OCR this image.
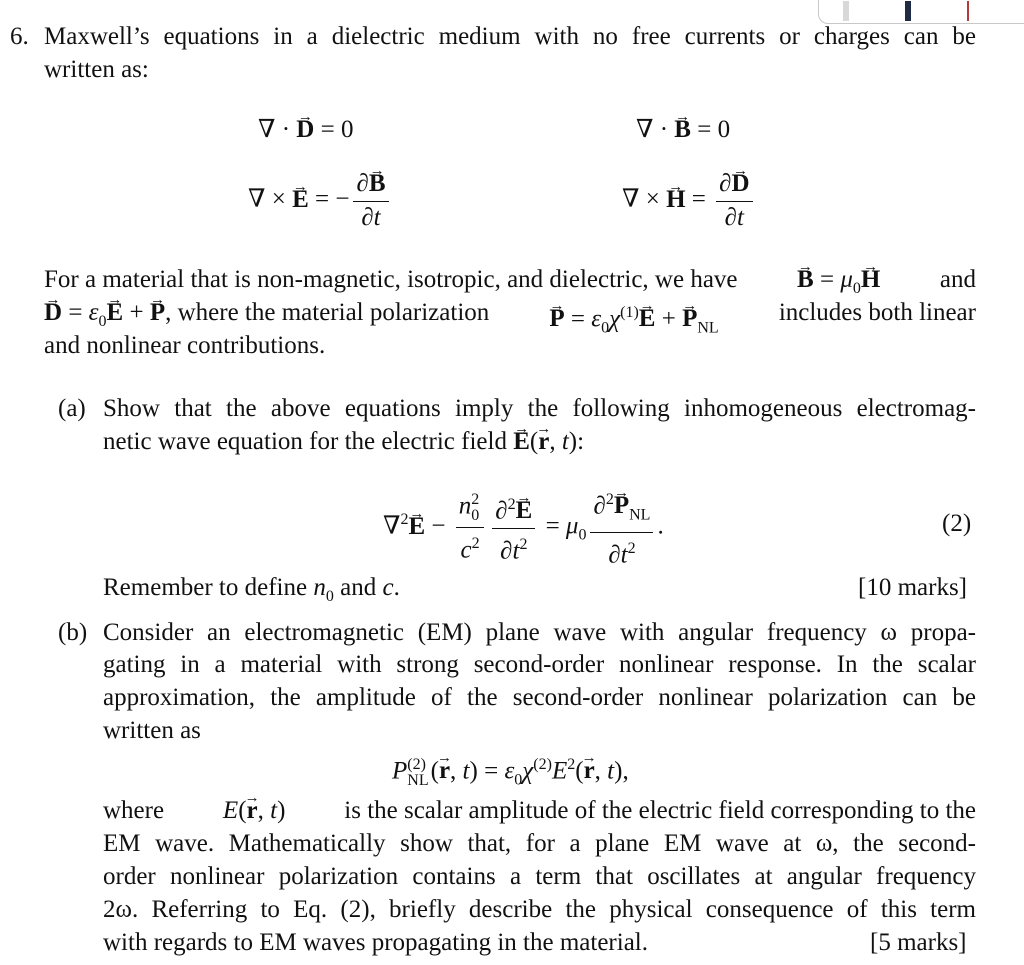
6. Maxwell’s equations in a dielectric medium with no free currents or charges can be
written as:
∇ · → D = 0	∇ · → B = 0
∇ × → E = − $\frac{\partial\to B}{\partial t}$	∇ × → $H = \frac{\partial\to D}{\partial t}$
For a material that is non-magnetic, isotropic, and dielectric, we have → $B = \mu_0\to H$ and
→ $D = \varepsilon_0\to E$ + → P, where the material polarization → $P = \varepsilon_0\chi^{(1)}\to E$ + → $P_{NL}$
includes both linear
and nonlinear contributions.
(a) Show that the above equations imply the following inhomogeneous electromag-
netic wave equation for the electric field → E(→ r, t):
∇$^2$→ E − n 2
0
$c^2 \frac{\partial^2\to E}{\partial t^2} = \mu_0 \frac{\partial^2\to P_{NL}}{\partial t^2}$ .	(2)
Remember to define $n_0$ and c.	[10 marks]
(b) Consider an electromagnetic (EM) plane wave with angular frequency ω propa-
gating in a material with strong second-order nonlinear response. In the scalar
approximation, the amplitude of the second-order nonlinear polarization can be
written as
P (2)
NL (→ r, $t) = \varepsilon_0\chi^{(2)}E^2(\to r$, t),
where E(→ r, t) is the scalar amplitude of the electric field corresponding to the
EM wave. Mathematically show that, for a plane EM wave at ω, the second-
order nonlinear polarization contains a term that oscillates at angular frequency
2ω. Referring to Eq. (2), briefly describe the physical consequence of this term
with regards to EM waves propagating in the material.	[5 marks]
